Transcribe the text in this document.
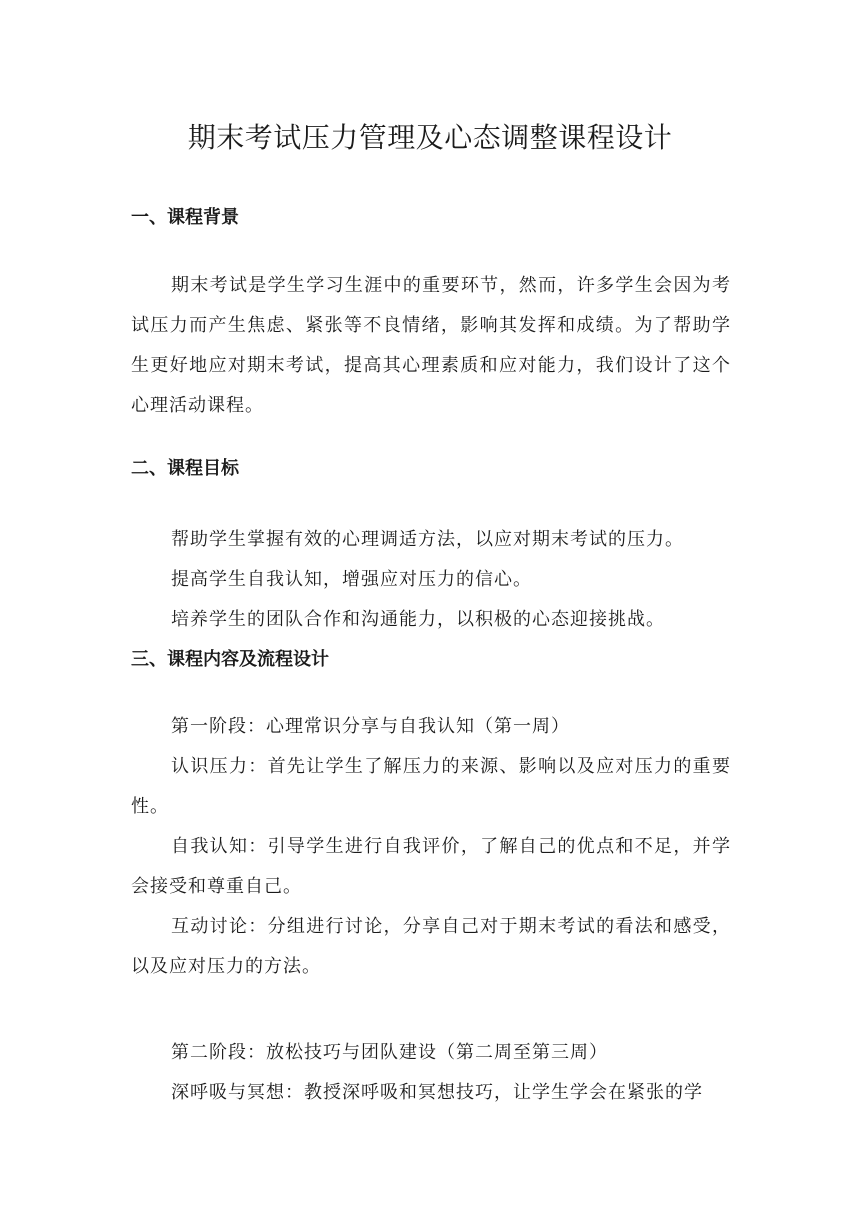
期末考试压力管理及心态调整课程设计
一、课程背景

期末考试是学生学习生涯中的重要环节，然而，许多学生会因为考试压力而产生焦虑、紧张等不良情绪，影响其发挥和成绩。为了帮助学生更好地应对期末考试，提高其心理素质和应对能力，我们设计了这个心理活动课程。

二、课程目标

帮助学生掌握有效的心理调适方法，以应对期末考试的压力。

提高学生自我认知，增强应对压力的信心。

培养学生的团队合作和沟通能力，以积极的心态迎接挑战。

三、课程内容及流程设计

第一阶段：心理常识分享与自我认知（第一周）

认识压力：首先让学生了解压力的来源、影响以及应对压力的重要性。

自我认知：引导学生进行自我评价，了解自己的优点和不足，并学会接受和尊重自己。

互动讨论：分组进行讨论，分享自己对于期末考试的看法和感受，以及应对压力的方法。

第二阶段：放松技巧与团队建设（第二周至第三周）

深呼吸与冥想：教授深呼吸和冥想技巧，让学生学会在紧张的学
